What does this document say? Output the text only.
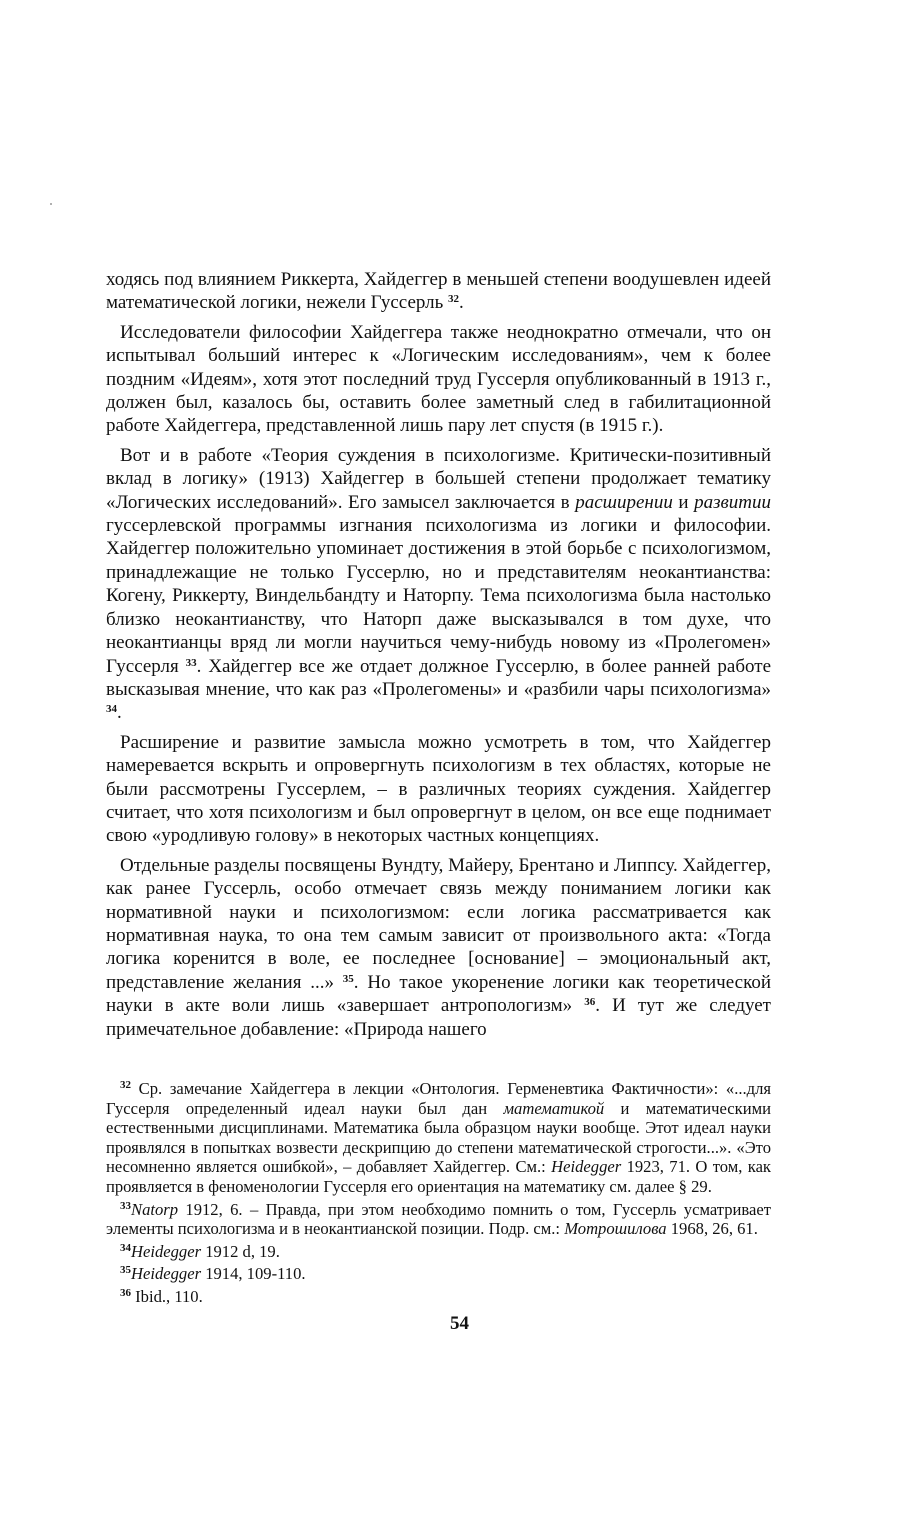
ходясь под влиянием Риккерта, Хайдеггер в меньшей степени воодушевлен идеей математической логики, нежели Гуссерль $^{32}$.

Исследователи философии Хайдеггера также неоднократно отмечали, что он испытывал больший интерес к «Логическим исследованиям», чем к более поздним «Идеям», хотя этот последний труд Гуссерля опубликованный в 1913 г., должен был, казалось бы, оставить более заметный след в габилитационной работе Хайдеггера, представленной лишь пару лет спустя (в 1915 г.).

Вот и в работе «Теория суждения в психологизме. Критически-позитивный вклад в логику» (1913) Хайдеггер в большей степени продолжает тематику «Логических исследований». Его замысел заключается в расширении и развитии гуссерлевской программы изгнания психологизма из логики и философии. Хайдеггер положительно упоминает достижения в этой борьбе с психологизмом, принадлежащие не только Гуссерлю, но и представителям неокантианства: Когену, Риккерту, Виндельбандту и Наторпу. Тема психологизма была настолько близко неокантианству, что Наторп даже высказывался в том духе, что неокантианцы вряд ли могли научиться чему-нибудь новому из «Пролегомен» Гуссерля $^{33}$. Хайдеггер все же отдает должное Гуссерлю, в более ранней работе высказывая мнение, что как раз «Пролегомены» и «разбили чары психологизма» $^{34}$.

Расширение и развитие замысла можно усмотреть в том, что Хайдеггер намеревается вскрыть и опровергнуть психологизм в тех областях, которые не были рассмотрены Гуссерлем, – в различных теориях суждения. Хайдеггер считает, что хотя психологизм и был опровергнут в целом, он все еще поднимает свою «уродливую голову» в некоторых частных концепциях.

Отдельные разделы посвящены Вундту, Майеру, Брентано и Липпсу. Хайдеггер, как ранее Гуссерль, особо отмечает связь между пониманием логики как нормативной науки и психологизмом: если логика рассматривается как нормативная наука, то она тем самым зависит от произвольного акта: «Тогда логика коренится в воле, ее последнее [основание] – эмоциональный акт, представление желания ...» $^{35}$. Но такое укоренение логики как теоретической науки в акте воли лишь «завершает антропологизм» $^{36}$. И тут же следует примечательное добавление: «Природа нашего

$^{32}$ Ср. замечание Хайдеггера в лекции «Онтология. Герменевтика Фактичности»: «...для Гуссерля определенный идеал науки был дан математикой и математическими естественными дисциплинами. Математика была образцом науки вообще. Этот идеал науки проявлялся в попытках возвести дескрипцию до степени математической строгости...». «Это несомненно является ошибкой», – добавляет Хайдеггер. См.: Heidegger 1923, 71. О том, как проявляется в феноменологии Гуссерля его ориентация на математику см. далее § 29.

$^{33}$Natorp 1912, 6. – Правда, при этом необходимо помнить о том, Гуссерль усматривает элементы психологизма и в неокантианской позиции. Подр. см.: Мотрошилова 1968, 26, 61.

$^{34}$Heidegger 1912 d, 19.

$^{35}$Heidegger 1914, 109-110.

$^{36}$ Ibid., 110.

54
